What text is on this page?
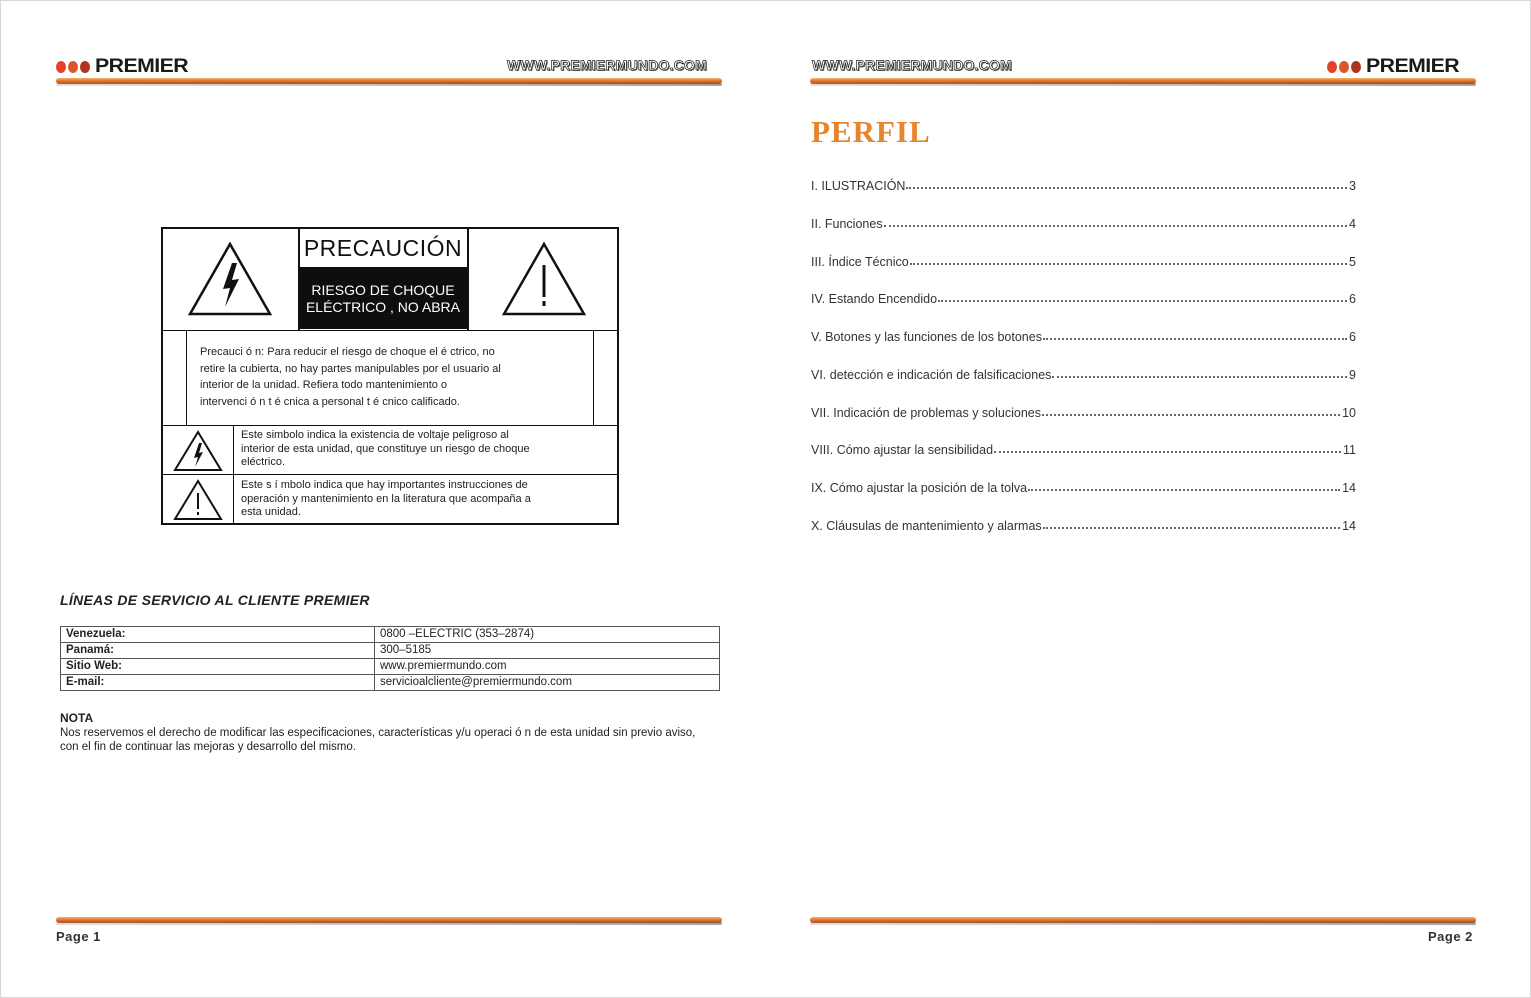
PREMIER	WWW.PREMIERMUNDO.COM	WWW.PREMIERMUNDO.COM	PREMIER
PRECAUCIÓN
RIESGO DE CHOQUE
ELÉCTRICO , NO ABRA
Precauci ó n: Para reducir el riesgo de choque el é ctrico, no
retire la cubierta, no hay partes manipulables por el usuario al
interior de la unidad. Refiera todo mantenimiento o
intervenci ó n t é cnica a personal t é cnico calificado.
Este simbolo indica la existencia de voltaje peligroso al
interior de esta unidad, que constituye un riesgo de choque
eléctrico.
Este s í mbolo indica que hay importantes instrucciones de
operación y mantenimiento en la literatura que acompaña a
esta unidad.
LÍNEAS DE SERVICIO AL CLIENTE PREMIER
Venezuela:	0800 –ELECTRIC (353–2874)
Panamá:	300–5185
Sitio Web:	www.premiermundo.com
E-mail:	servicioalcliente@premiermundo.com
NOTA
Nos reservemos el derecho de modificar las especificaciones, características y/u operaci ó n de esta unidad sin previo aviso, con el fin de continuar las mejoras y desarrollo del mismo.
Page 1	Page 2
PERFIL
I. ILUSTRACIÓN	3
II. Funciones	4
III. Índice Técnico	5
IV. Estando Encendido	6
V. Botones y las funciones de los botones	6
VI. detección e indicación de falsificaciones	9
VII. Indicación de problemas y soluciones	10
VIII. Cómo ajustar la sensibilidad	11
IX. Cómo ajustar la posición de la tolva	14
X. Cláusulas de mantenimiento y alarmas	14
